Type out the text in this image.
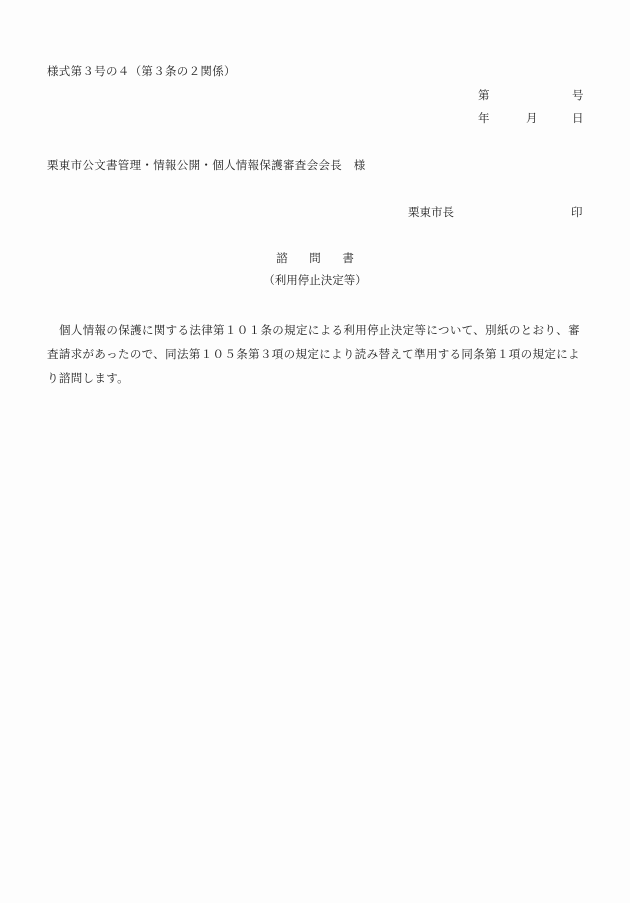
様式第３号の４（第３条の２関係）
第	号
年	月	日
栗東市公文書管理・情報公開・個人情報保護審査会会長　様
栗東市長	印
諮 問 書
（利用停止決定等）
個人情報の保護に関する法律第１０１条の規定による利用停止決定等について、別紙のとおり、審査請求があったので、同法第１０５条第３項の規定により読み替えて準用する同条第１項の規定により諮問します。
